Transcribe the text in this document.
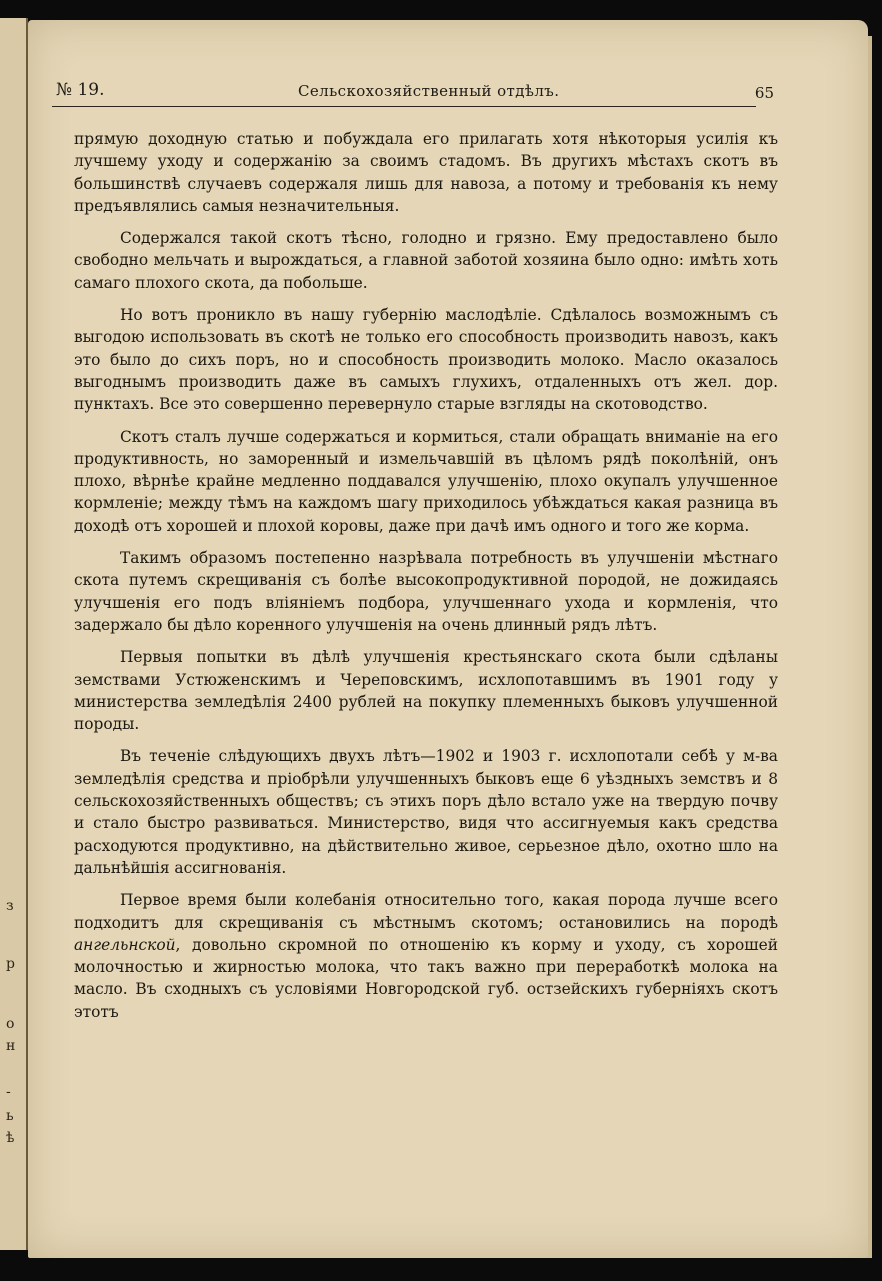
з
р
о
н
-
ь
ѣ
№ 19.	Сельскохозяйственный отдѣлъ.	65

прямую доходную статью и побуждала его прилагать хотя нѣкоторыя усилія къ лучшему уходу и содержанію за своимъ стадомъ. Въ другихъ мѣстахъ скотъ въ большинствѣ случаевъ содержаля лишь для навоза, а потому и требованія къ нему предъявлялись самыя незначительныя.

Содержался такой скотъ тѣсно, голодно и грязно. Ему предоставлено было свободно мельчать и вырождаться, а главной заботой хозяина было одно: имѣть хоть самаго плохого скота, да побольше.

Но вотъ проникло въ нашу губернію маслодѣліе. Сдѣлалось возможнымъ съ выгодою использовать въ скотѣ не только его способность производить навозъ, какъ это было до сихъ поръ, но и способность производить молоко. Масло оказалось выгоднымъ производить даже въ самыхъ глухихъ, отдаленныхъ отъ жел. дор. пунктахъ. Все это совершенно перевернуло старые взгляды на скотоводство.

Скотъ сталъ лучше содержаться и кормиться, стали обращать вниманіе на его продуктивность, но заморенный и измельчавшій въ цѣломъ рядѣ поколѣній, онъ плохо, вѣрнѣе крайне медленно поддавался улучшенію, плохо окупалъ улучшенное кормленіе; между тѣмъ на каждомъ шагу приходилось убѣждаться какая разница въ доходѣ отъ хорошей и плохой коровы, даже при дачѣ имъ одного и того же корма.

Такимъ образомъ постепенно назрѣвала потребность въ улучшеніи мѣстнаго скота путемъ скрещиванія съ болѣе высокопродуктивной породой, не дожидаясь улучшенія его подъ вліяніемъ подбора, улучшеннаго ухода и кормленія, что задержало бы дѣло коренного улучшенія на очень длинный рядъ лѣтъ.

Первыя попытки въ дѣлѣ улучшенія крестьянскаго скота были сдѣланы земствами Устюженскимъ и Череповскимъ, исхлопотавшимъ въ 1901 году у министерства земледѣлія 2400 рублей на покупку племенныхъ быковъ улучшенной породы.

Въ теченіе слѣдующихъ двухъ лѣтъ—1902 и 1903 г. исхлопотали себѣ у м-ва земледѣлія средства и пріобрѣли улучшенныхъ быковъ еще 6 уѣздныхъ земствъ и 8 сельскохозяйственныхъ обществъ; съ этихъ поръ дѣло встало уже на твердую почву и стало быстро развиваться. Министерство, видя что ассигнуемыя какъ средства расходуются продуктивно, на дѣйствительно живое, серьезное дѣло, охотно шло на дальнѣйшія ассигнованія.

Первое время были колебанія относительно того, какая порода лучше всего подходитъ для скрещиванія съ мѣстнымъ скотомъ; остановились на породѣ ангельнской, довольно скромной по отношенію къ корму и уходу, съ хорошей молочностью и жирностью молока, что такъ важно при переработкѣ молока на масло. Въ сходныхъ съ условіями Новгородской губ. остзейскихъ губерніяхъ скотъ этотъ
